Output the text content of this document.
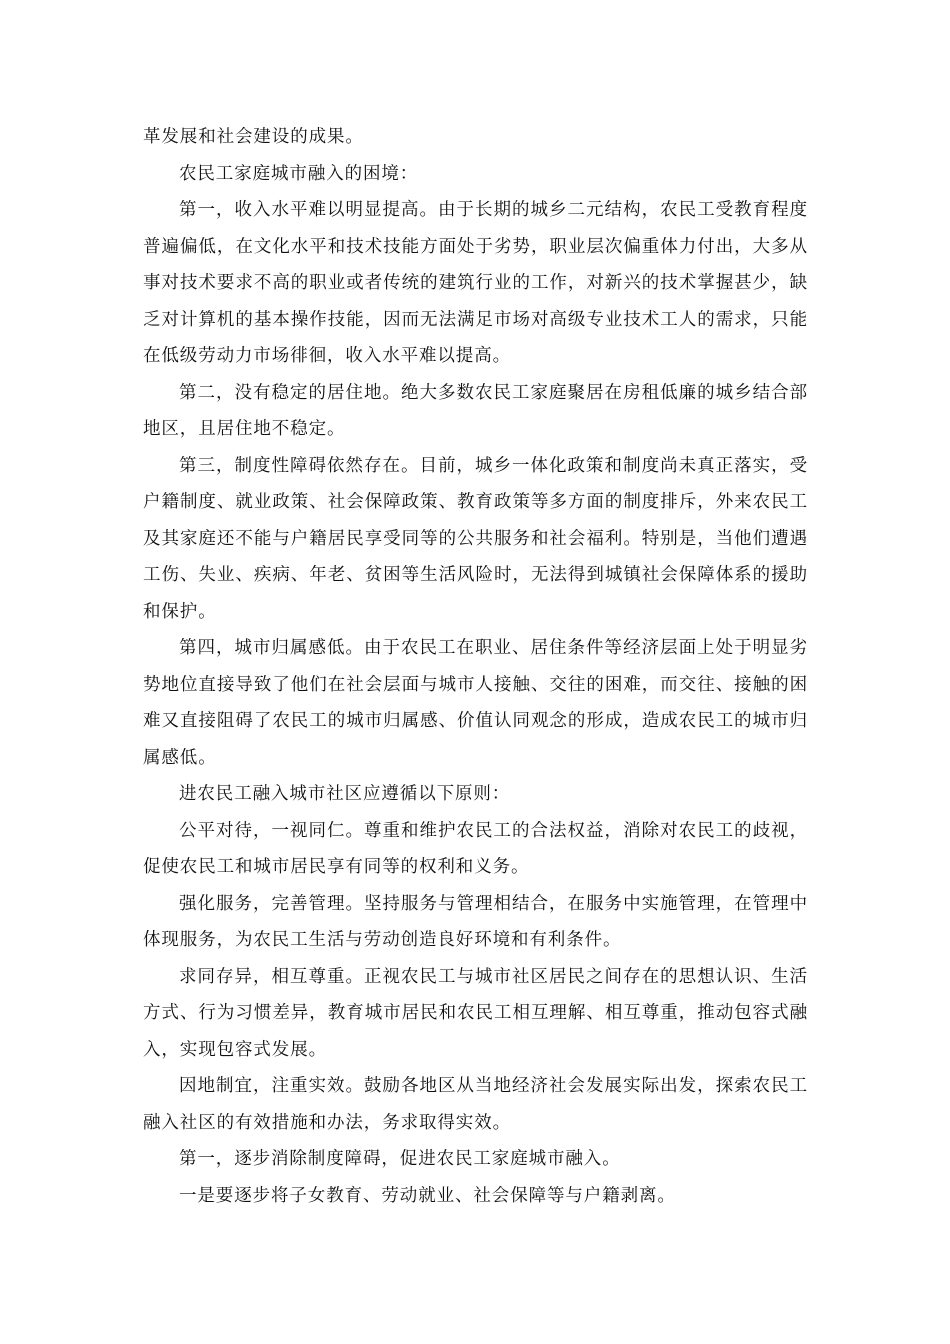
革发展和社会建设的成果。

农民工家庭城市融入的困境：

第一，收入水平难以明显提高。由于长期的城乡二元结构，农民工受教育程度普遍偏低，在文化水平和技术技能方面处于劣势，职业层次偏重体力付出，大多从事对技术要求不高的职业或者传统的建筑行业的工作，对新兴的技术掌握甚少，缺乏对计算机的基本操作技能，因而无法满足市场对高级专业技术工人的需求，只能在低级劳动力市场徘徊，收入水平难以提高。

第二，没有稳定的居住地。绝大多数农民工家庭聚居在房租低廉的城乡结合部地区，且居住地不稳定。

第三，制度性障碍依然存在。目前，城乡一体化政策和制度尚未真正落实，受户籍制度、就业政策、社会保障政策、教育政策等多方面的制度排斥，外来农民工及其家庭还不能与户籍居民享受同等的公共服务和社会福利。特别是，当他们遭遇工伤、失业、疾病、年老、贫困等生活风险时，无法得到城镇社会保障体系的援助和保护。

第四，城市归属感低。由于农民工在职业、居住条件等经济层面上处于明显劣势地位直接导致了他们在社会层面与城市人接触、交往的困难，而交往、接触的困难又直接阻碍了农民工的城市归属感、价值认同观念的形成，造成农民工的城市归属感低。

进农民工融入城市社区应遵循以下原则：

公平对待，一视同仁。尊重和维护农民工的合法权益，消除对农民工的歧视，促使农民工和城市居民享有同等的权利和义务。

强化服务，完善管理。坚持服务与管理相结合，在服务中实施管理，在管理中体现服务，为农民工生活与劳动创造良好环境和有利条件。

求同存异，相互尊重。正视农民工与城市社区居民之间存在的思想认识、生活方式、行为习惯差异，教育城市居民和农民工相互理解、相互尊重，推动包容式融入，实现包容式发展。

因地制宜，注重实效。鼓励各地区从当地经济社会发展实际出发，探索农民工融入社区的有效措施和办法，务求取得实效。

第一，逐步消除制度障碍，促进农民工家庭城市融入。

一是要逐步将子女教育、劳动就业、社会保障等与户籍剥离。
